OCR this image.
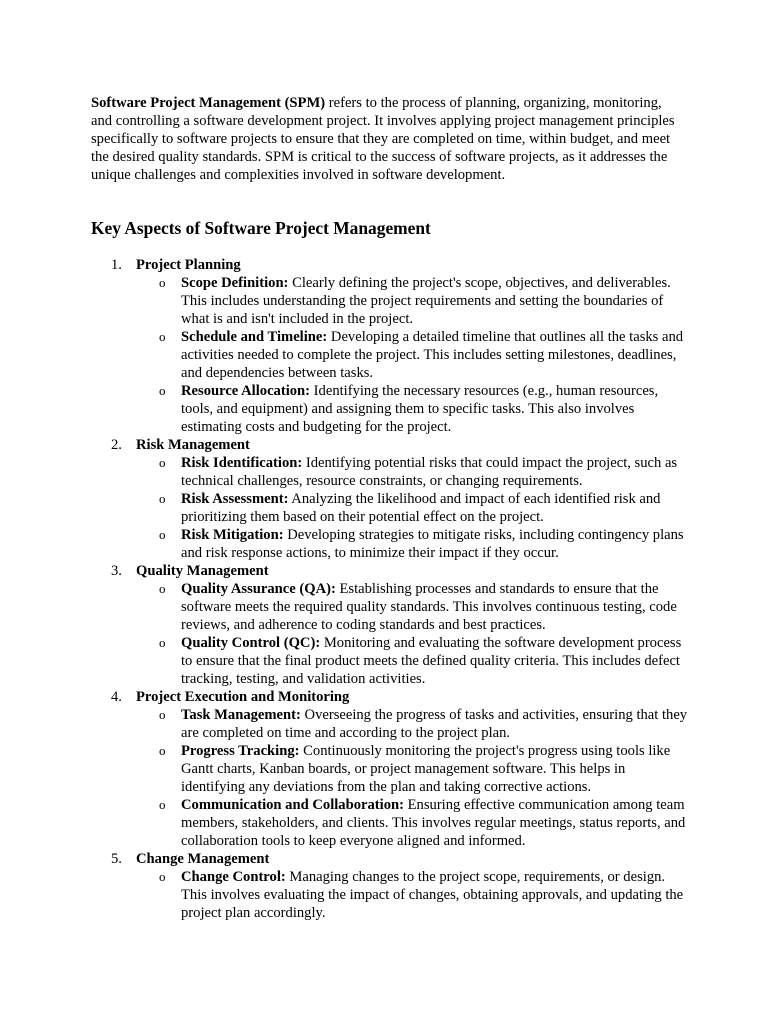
Software Project Management (SPM) refers to the process of planning, organizing, monitoring, and controlling a software development project. It involves applying project management principles specifically to software projects to ensure that they are completed on time, within budget, and meet the desired quality standards. SPM is critical to the success of software projects, as it addresses the unique challenges and complexities involved in software development.

Key Aspects of Software Project Management
1. Project Planning
o Scope Definition: Clearly defining the project's scope, objectives, and deliverables. This includes understanding the project requirements and setting the boundaries of what is and isn't included in the project.
o Schedule and Timeline: Developing a detailed timeline that outlines all the tasks and activities needed to complete the project. This includes setting milestones, deadlines, and dependencies between tasks.
o Resource Allocation: Identifying the necessary resources (e.g., human resources, tools, and equipment) and assigning them to specific tasks. This also involves estimating costs and budgeting for the project.
2. Risk Management
o Risk Identification: Identifying potential risks that could impact the project, such as technical challenges, resource constraints, or changing requirements.
o Risk Assessment: Analyzing the likelihood and impact of each identified risk and prioritizing them based on their potential effect on the project.
o Risk Mitigation: Developing strategies to mitigate risks, including contingency plans and risk response actions, to minimize their impact if they occur.
3. Quality Management
o Quality Assurance (QA): Establishing processes and standards to ensure that the software meets the required quality standards. This involves continuous testing, code reviews, and adherence to coding standards and best practices.
o Quality Control (QC): Monitoring and evaluating the software development process to ensure that the final product meets the defined quality criteria. This includes defect tracking, testing, and validation activities.
4. Project Execution and Monitoring
o Task Management: Overseeing the progress of tasks and activities, ensuring that they are completed on time and according to the project plan.
o Progress Tracking: Continuously monitoring the project's progress using tools like Gantt charts, Kanban boards, or project management software. This helps in identifying any deviations from the plan and taking corrective actions.
o Communication and Collaboration: Ensuring effective communication among team members, stakeholders, and clients. This involves regular meetings, status reports, and collaboration tools to keep everyone aligned and informed.
5. Change Management
o Change Control: Managing changes to the project scope, requirements, or design. This involves evaluating the impact of changes, obtaining approvals, and updating the project plan accordingly.
